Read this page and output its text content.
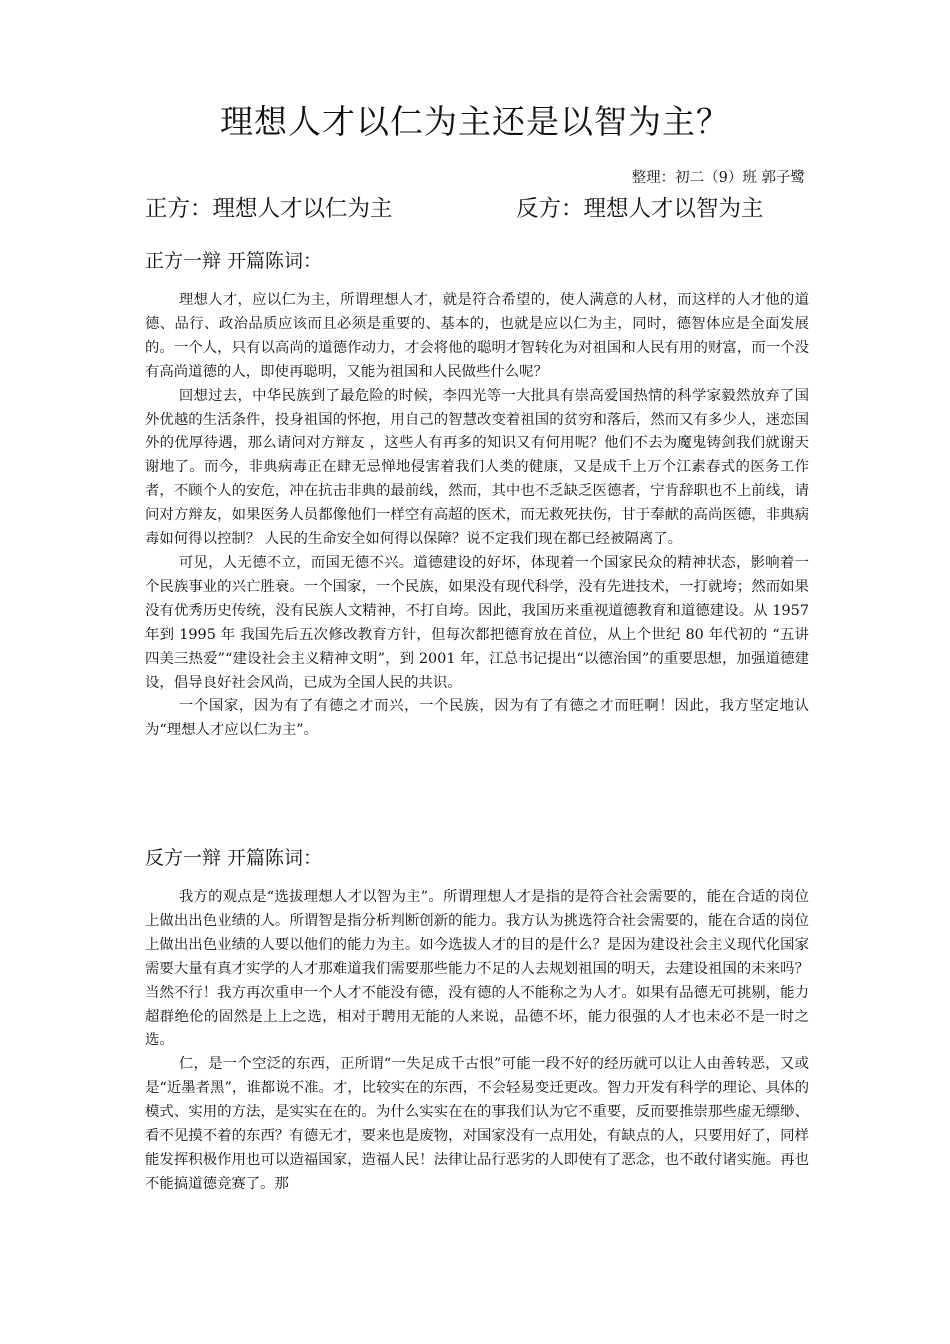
理想人才以仁为主还是以智为主？
整理：初二（9）班 郭子鹭
正方：理想人才以仁为主	反方：理想人才以智为主
正方一辩 开篇陈词：

理想人才，应以仁为主，所谓理想人才，就是符合希望的，使人满意的人材，而这样的人才他的道德、品行、政治品质应该而且必须是重要的、基本的，也就是应以仁为主，同时，德智体应是全面发展的。一个人，只有以高尚的道德作动力，才会将他的聪明才智转化为对祖国和人民有用的财富，而一个没有高尚道德的人，即使再聪明，又能为祖国和人民做些什么呢？

回想过去，中华民族到了最危险的时候，李四光等一大批具有崇高爱国热情的科学家毅然放弃了国外优越的生活条件，投身祖国的怀抱，用自己的智慧改变着祖国的贫穷和落后，然而又有多少人，迷恋国外的优厚待遇，那么请问对方辩友 ，这些人有再多的知识又有何用呢？他们不去为魔鬼铸剑我们就谢天谢地了。而今，非典病毒正在肆无忌惮地侵害着我们人类的健康，又是成千上万个江素春式的医务工作者，不顾个人的安危，冲在抗击非典的最前线，然而，其中也不乏缺乏医德者，宁肯辞职也不上前线，请问对方辩友，如果医务人员都像他们一样空有高超的医术，而无救死扶伤，甘于奉献的高尚医德，非典病毒如何得以控制？ 人民的生命安全如何得以保障？说不定我们现在都已经被隔离了。

可见，人无德不立，而国无德不兴。道德建设的好坏，体现着一个国家民众的精神状态，影响着一个民族事业的兴亡胜衰。一个国家，一个民族，如果没有现代科学，没有先进技术，一打就垮；然而如果没有优秀历史传统，没有民族人文精神，不打自垮。因此，我国历来重视道德教育和道德建设。从 1957 年到 1995 年 我国先后五次修改教育方针，但每次都把德育放在首位，从上个世纪 80 年代初的 “五讲四美三热爱”“建设社会主义精神文明”，到 2001 年，江总书记提出“以德治国”的重要思想，加强道德建设，倡导良好社会风尚，已成为全国人民的共识。

一个国家，因为有了有德之才而兴，一个民族，因为有了有德之才而旺啊！因此，我方坚定地认为“理想人才应以仁为主”。

反方一辩 开篇陈词：

我方的观点是“选拔理想人才以智为主”。所谓理想人才是指的是符合社会需要的，能在合适的岗位上做出出色业绩的人。所谓智是指分析判断创新的能力。我方认为挑选符合社会需要的，能在合适的岗位上做出出色业绩的人要以他们的能力为主。如今选拔人才的目的是什么？是因为建设社会主义现代化国家需要大量有真才实学的人才那难道我们需要那些能力不足的人去规划祖国的明天，去建设祖国的未来吗？当然不行！我方再次重申一个人才不能没有德，没有德的人不能称之为人才。如果有品德无可挑剔，能力超群绝伦的固然是上上之选，相对于聘用无能的人来说，品德不坏，能力很强的人才也未必不是一时之选。

仁，是一个空泛的东西，正所谓“一失足成千古恨”可能一段不好的经历就可以让人由善转恶，又或是“近墨者黑”，谁都说不准。才，比较实在的东西，不会轻易变迁更改。智力开发有科学的理论、具体的模式、实用的方法，是实实在在的。为什么实实在在的事我们认为它不重要，反而要推崇那些虚无缥缈、看不见摸不着的东西？有德无才，要来也是废物，对国家没有一点用处，有缺点的人，只要用好了，同样能发挥积极作用也可以造福国家，造福人民！法律让品行恶劣的人即使有了恶念，也不敢付诸实施。再也不能搞道德竞赛了。那
